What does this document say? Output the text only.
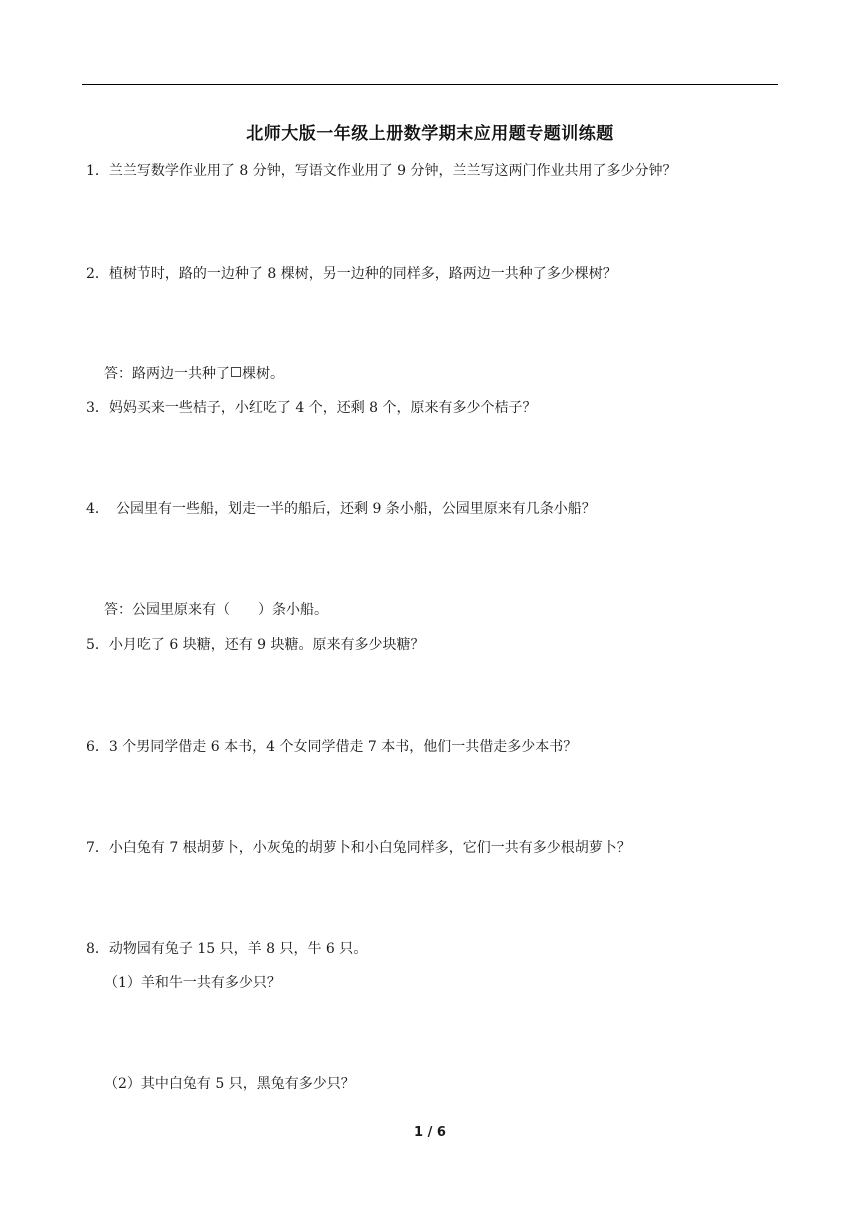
北师大版一年级上册数学期末应用题专题训练题
1．兰兰写数学作业用了 8 分钟，写语文作业用了 9 分钟，兰兰写这两门作业共用了多少分钟？
2．植树节时，路的一边种了 8 棵树，另一边种的同样多，路两边一共种了多少棵树？
答：路两边一共种了 棵树。
3．妈妈买来一些桔子，小红吃了 4 个，还剩 8 个，原来有多少个桔子？
4． 公园里有一些船，划走一半的船后，还剩 9 条小船，公园里原来有几条小船？
答：公园里原来有（　　）条小船。
5．小月吃了 6 块糖，还有 9 块糖。原来有多少块糖？
6．3 个男同学借走 6 本书，4 个女同学借走 7 本书，他们一共借走多少本书？
7．小白兔有 7 根胡萝卜，小灰兔的胡萝卜和小白兔同样多，它们一共有多少根胡萝卜？
8．动物园有兔子 15 只，羊 8 只，牛 6 只。
（1）羊和牛一共有多少只？
（2）其中白兔有 5 只，黑兔有多少只？
1 / 6
